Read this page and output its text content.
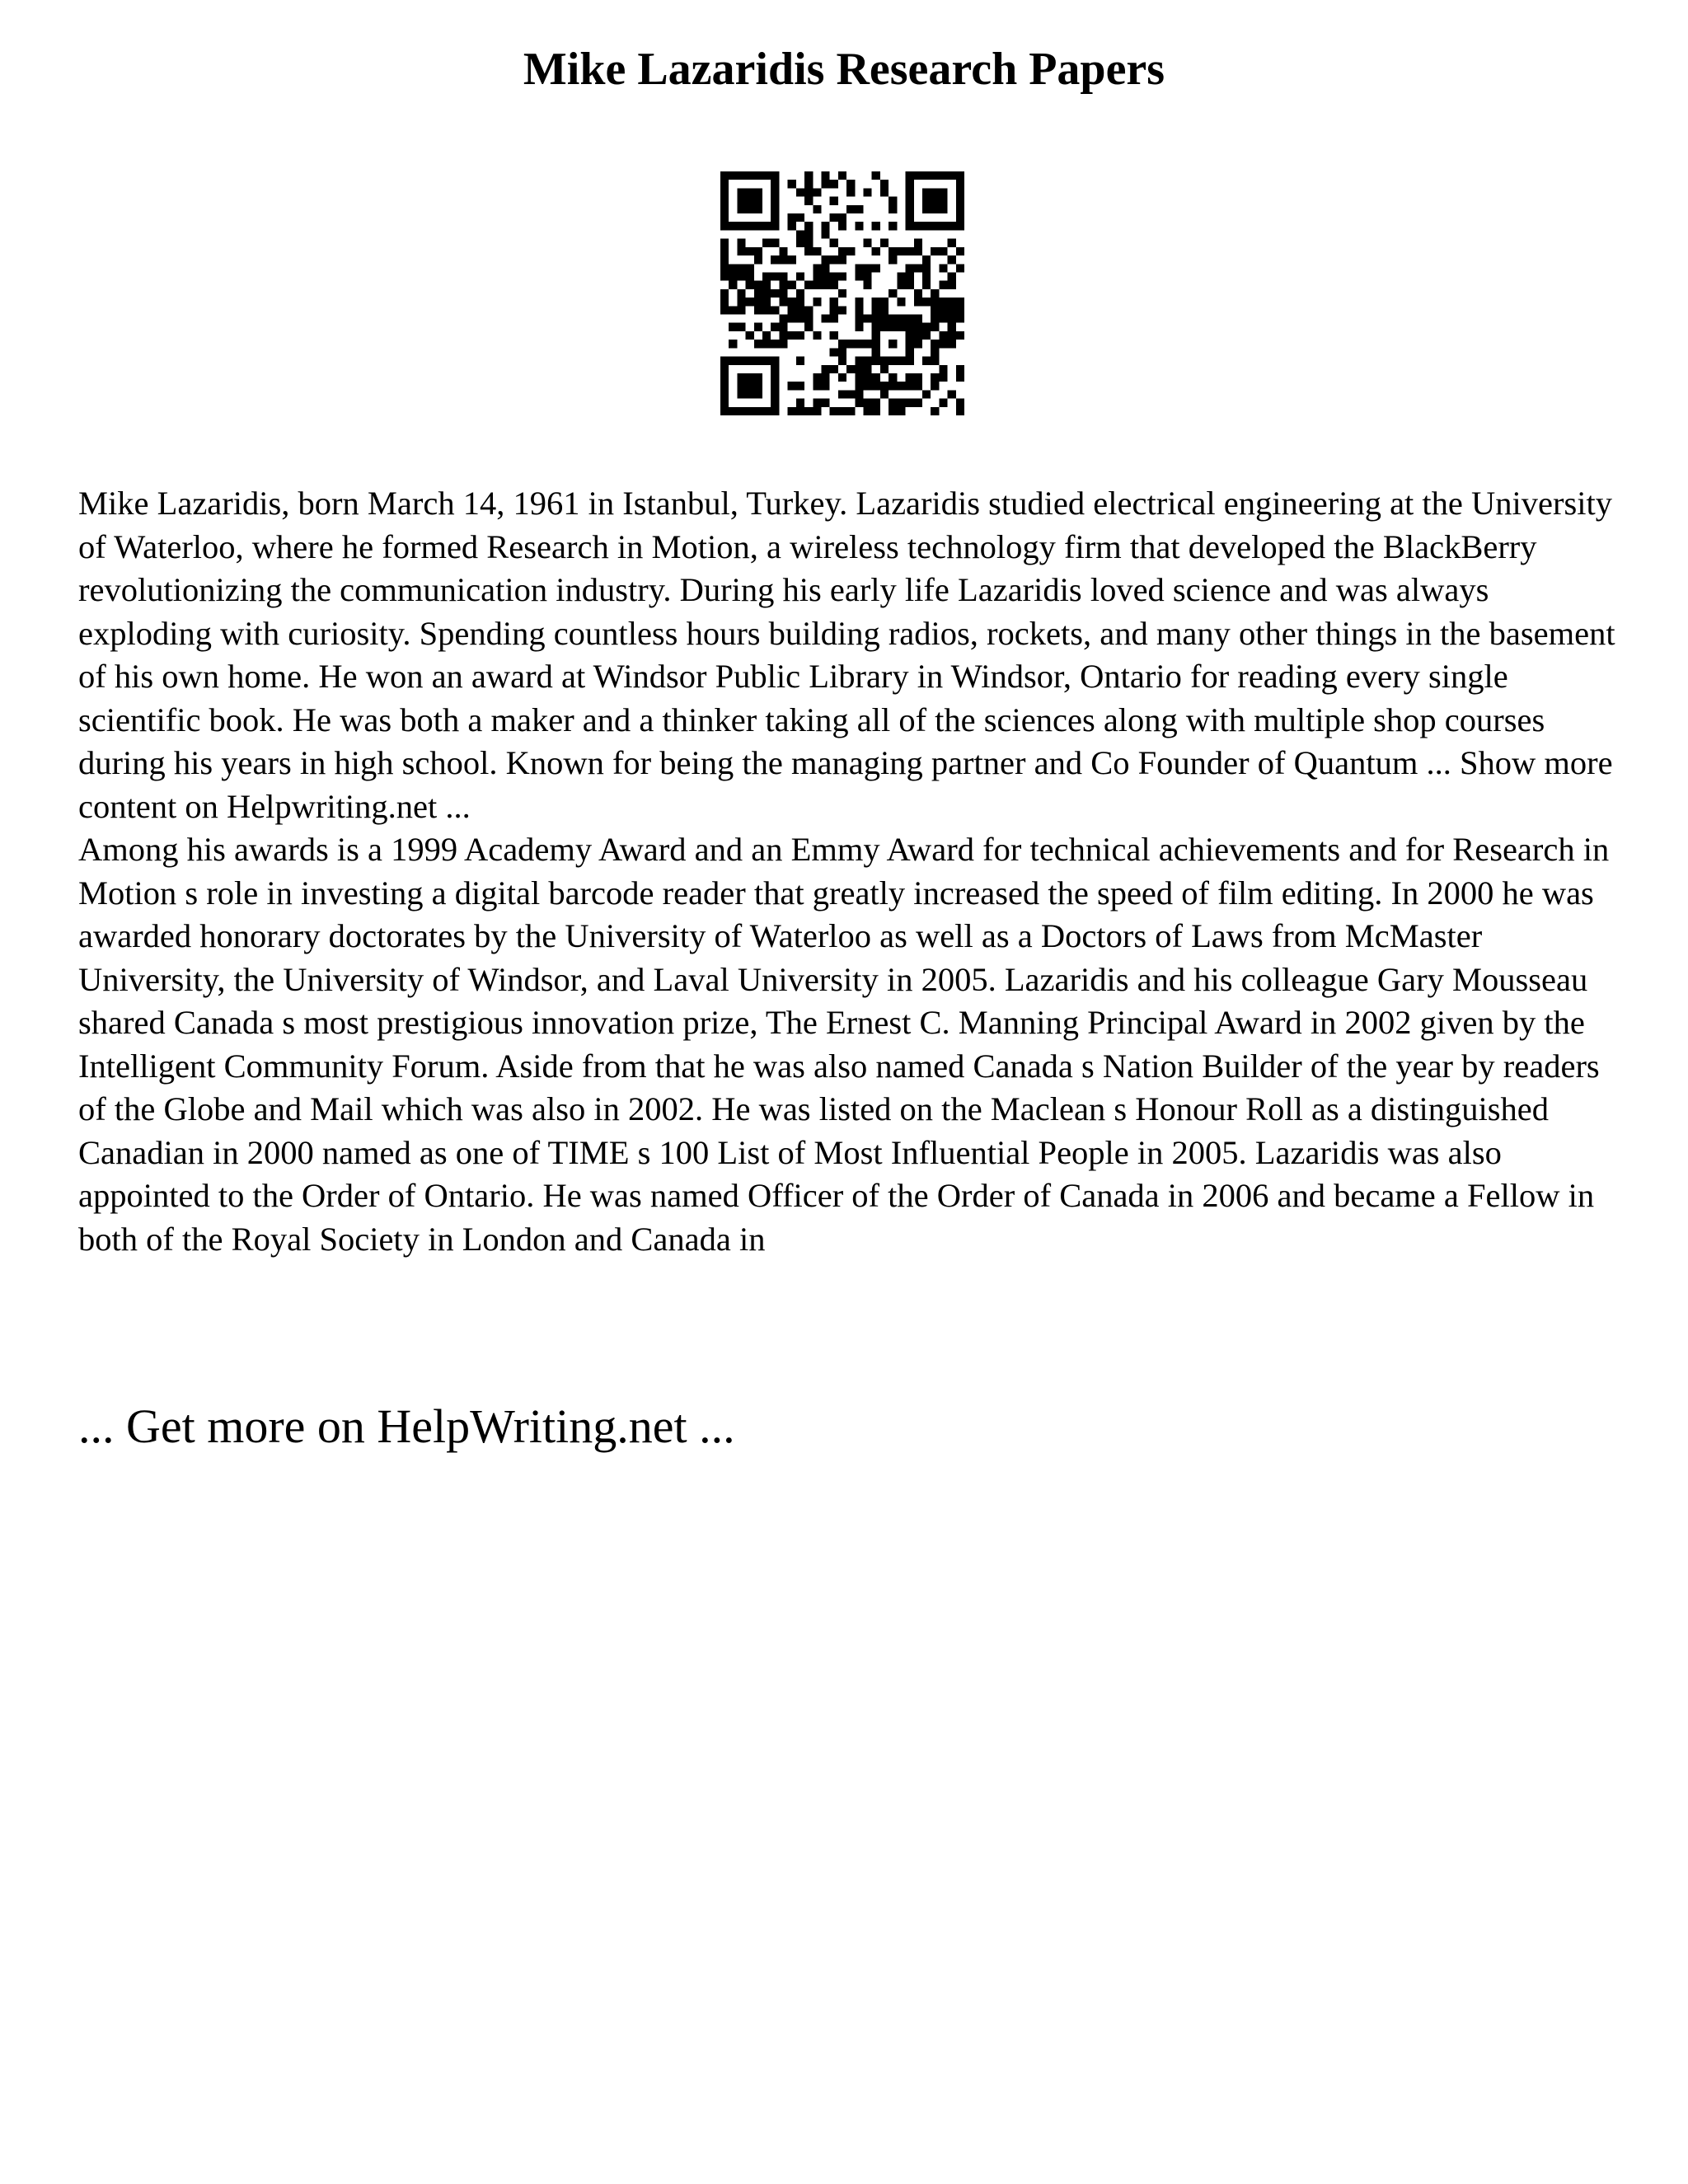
Mike Lazaridis Research Papers

Mike Lazaridis, born March 14, 1961 in Istanbul, Turkey. Lazaridis studied electrical engineering at the University of Waterloo, where he formed Research in Motion, a wireless technology firm that developed the BlackBerry revolutionizing the communication industry. During his early life Lazaridis loved science and was always exploding with curiosity. Spending countless hours building radios, rockets, and many other things in the basement of his own home. He won an award at Windsor Public Library in Windsor, Ontario for reading every single scientific book. He was both a maker and a thinker taking all of the sciences along with multiple shop courses during his years in high school. Known for being the managing partner and Co Founder of Quantum ... Show more content on Helpwriting.net ...

Among his awards is a 1999 Academy Award and an Emmy Award for technical achievements and for Research in Motion s role in investing a digital barcode reader that greatly increased the speed of film editing. In 2000 he was awarded honorary doctorates by the University of Waterloo as well as a Doctors of Laws from McMaster University, the University of Windsor, and Laval University in 2005. Lazaridis and his colleague Gary Mousseau shared Canada s most prestigious innovation prize, The Ernest C. Manning Principal Award in 2002 given by the Intelligent Community Forum. Aside from that he was also named Canada s Nation Builder of the year by readers of the Globe and Mail which was also in 2002. He was listed on the Maclean s Honour Roll as a distinguished Canadian in 2000 named as one of TIME s 100 List of Most Influential People in 2005. Lazaridis was also appointed to the Order of Ontario. He was named Officer of the Order of Canada in 2006 and became a Fellow in both of the Royal Society in London and Canada in

... Get more on HelpWriting.net ...
